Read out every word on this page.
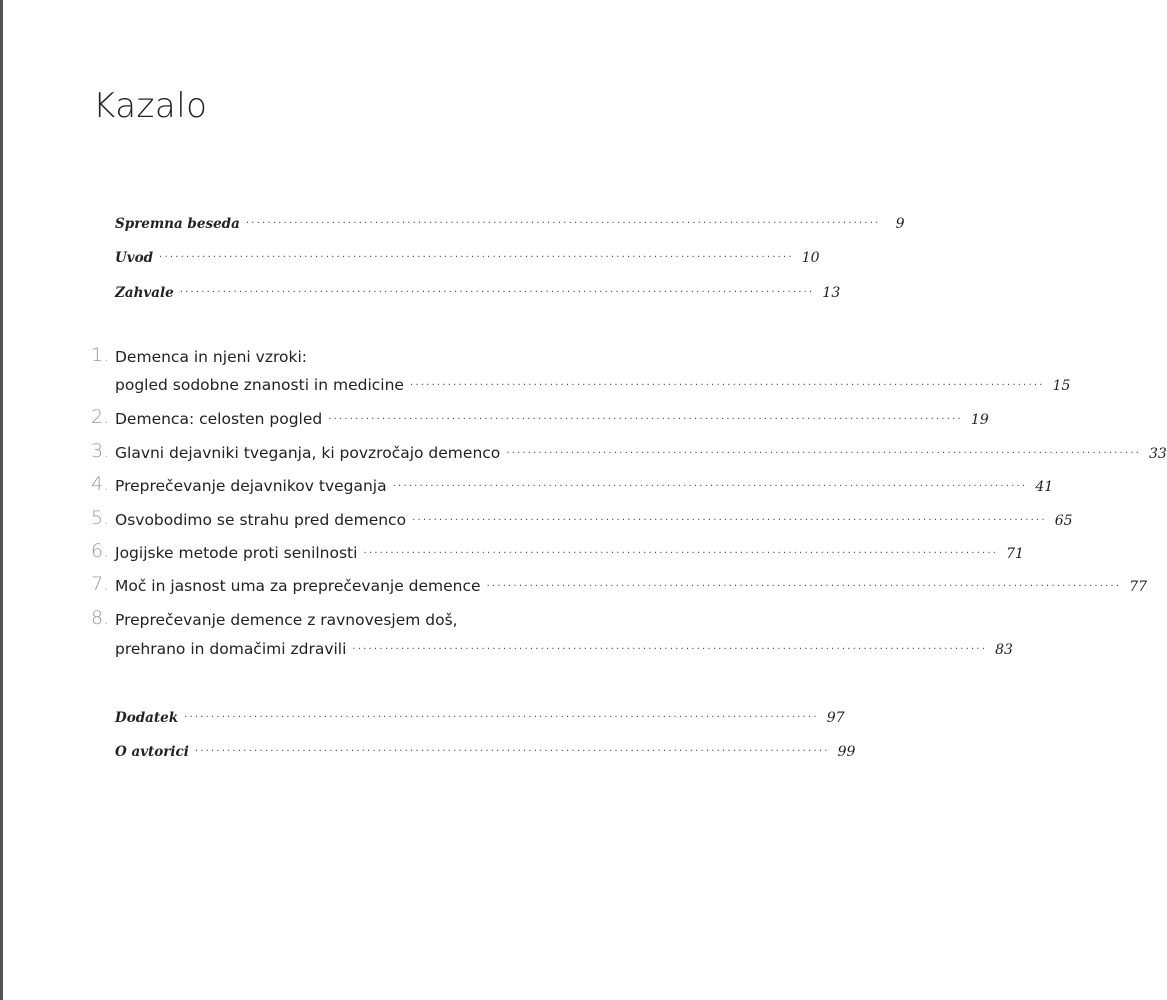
Kazalo
Spremna beseda ......................................................................................................................	9
Uvod ...................................................................................................................... 10
Zahvale ...................................................................................................................... 13
1. Demenca in njeni vzroki:
pogled sodobne znanosti in medicine ...................................................................................................................... 15
2. Demenca: celosten pogled ...................................................................................................................... 19
3. Glavni dejavniki tveganja, ki povzročajo demenco ...................................................................................................................... 33
4. Preprečevanje dejavnikov tveganja ...................................................................................................................... 41
5. Osvobodimo se strahu pred demenco ...................................................................................................................... 65
6. Jogijske metode proti senilnosti ...................................................................................................................... 71
7. Moč in jasnost uma za preprečevanje demence ...................................................................................................................... 77
8. Preprečevanje demence z ravnovesjem doš,
prehrano in domačimi zdravili ...................................................................................................................... 83
Dodatek ...................................................................................................................... 97
O avtorici ...................................................................................................................... 99
